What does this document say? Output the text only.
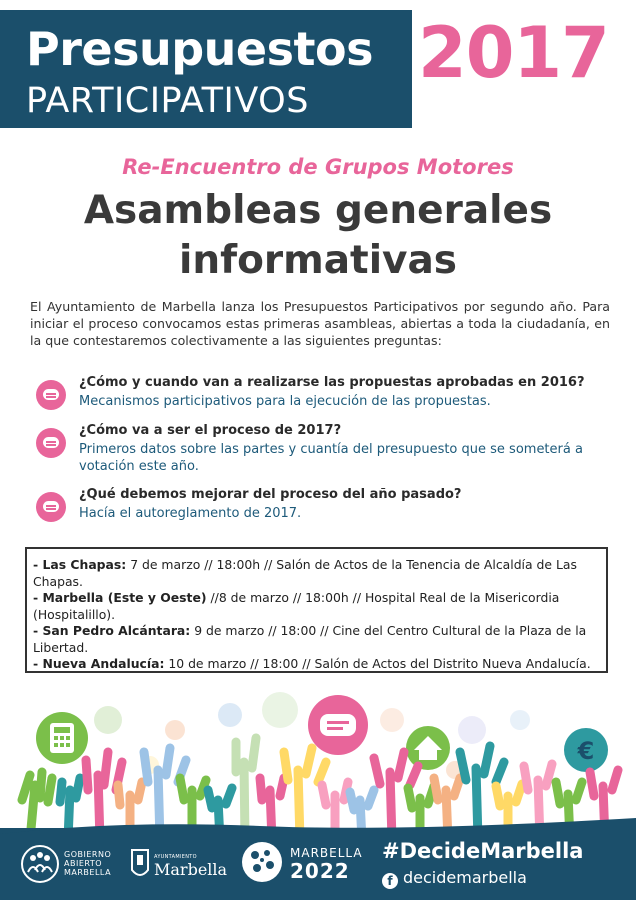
Presupuestos
PARTICIPATIVOS
2017
Re-Encuentro de Grupos Motores
Asambleas generales
informativas
El Ayuntamiento de Marbella lanza los Presupuestos Participativos por segundo año. Para iniciar el proceso convocamos estas primeras asambleas, abiertas a toda la ciudadanía, en la que contestaremos colectivamente a las siguientes preguntas:
¿Cómo y cuando van a realizarse las propuestas aprobadas en 2016?
Mecanismos participativos para la ejecución de las propuestas.
¿Cómo va a ser el proceso de 2017?
Primeros datos sobre las partes y cuantía del presupuesto que se someterá a votación este año.
¿Qué debemos mejorar del proceso del año pasado?
Hacía el autoreglamento de 2017.
- Las Chapas: 7 de marzo // 18:00h // Salón de Actos de la Tenencia de Alcaldía de Las Chapas.
- Marbella (Este y Oeste) //8 de marzo // 18:00h // Hospital Real de la Misericordia (Hospitalillo).
- San Pedro Alcántara: 9 de marzo // 18:00 // Cine del Centro Cultural de la Plaza de la Libertad.
- Nueva Andalucía: 10 de marzo // 18:00 // Salón de Actos del Distrito Nueva Andalucía.
€
GOBIERNO
ABIERTO
MARBELLA
AYUNTAMIENTO
Marbella
MARBELLA
2022
#DecideMarbella
f decidemarbella
